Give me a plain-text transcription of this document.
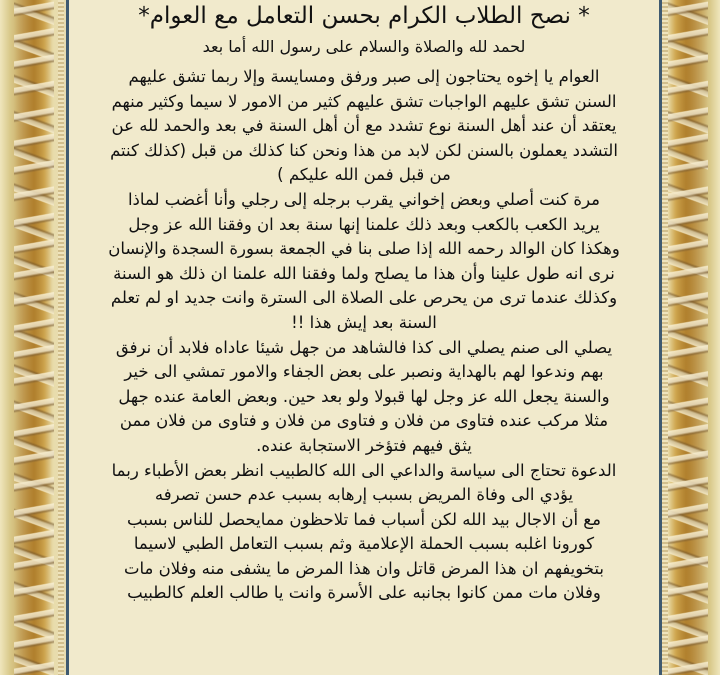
* نصح الطلاب الكرام بحسن التعامل مع العوام*
لحمد لله والصلاة والسلام على رسول الله أما بعد
العوام يا إخوه يحتاجون إلى صبر ورفق ومسايسة وإلا ربما تشق عليهم
السنن تشق عليهم الواجبات تشق عليهم كثير من الامور لا سيما وكثير منهم
يعتقد أن عند أهل السنة نوع تشدد مع أن أهل السنة في بعد والحمد لله عن
التشدد يعملون بالسنن لكن لابد من هذا ونحن كنا كذلك من قبل (كذلك كنتم
من قبل فمن الله عليكم )
مرة كنت أصلي وبعض إخواني يقرب برجله إلى رجلي وأنا أغضب لماذا
يريد الكعب بالكعب وبعد ذلك علمنا إنها سنة بعد ان وفقنا الله عز وجل
وهكذا كان الوالد رحمه الله إذا صلى بنا في الجمعة بسورة السجدة والإنسان
نرى انه طول علينا وأن هذا ما يصلح ولما وفقنا الله علمنا ان ذلك هو السنة
وكذلك عندما ترى من يحرص على الصلاة الى السترة وانت جديد او لم تعلم
السنة بعد إيش هذا !!
يصلي الى صنم يصلي الى كذا فالشاهد من جهل شيئا عاداه فلابد أن نرفق
بهم وندعوا لهم بالهداية ونصبر على بعض الجفاء والامور تمشي الى خير
والسنة يجعل الله عز وجل لها قبولا ولو بعد حين. وبعض العامة عنده جهل
مثلا مركب عنده فتاوى من فلان و فتاوى من فلان و فتاوى من فلان ممن
يثق فيهم فتؤخر الاستجابة عنده.
الدعوة تحتاج الى سياسة والداعي الى الله كالطبيب انظر بعض الأطباء ربما
يؤدي الى وفاة المريض بسبب إرهابه بسبب عدم حسن تصرفه
مع أن الاجال بيد الله لكن أسباب فما تلاحظون ممايحصل للناس بسبب
كورونا اغلبه بسبب الحملة الإعلامية وثم بسبب التعامل الطبي لاسيما
بتخويفهم ان هذا المرض قاتل وان هذا المرض ما يشفى منه وفلان مات
وفلان مات ممن كانوا بجانبه على الأسرة وانت يا طالب العلم كالطبيب
